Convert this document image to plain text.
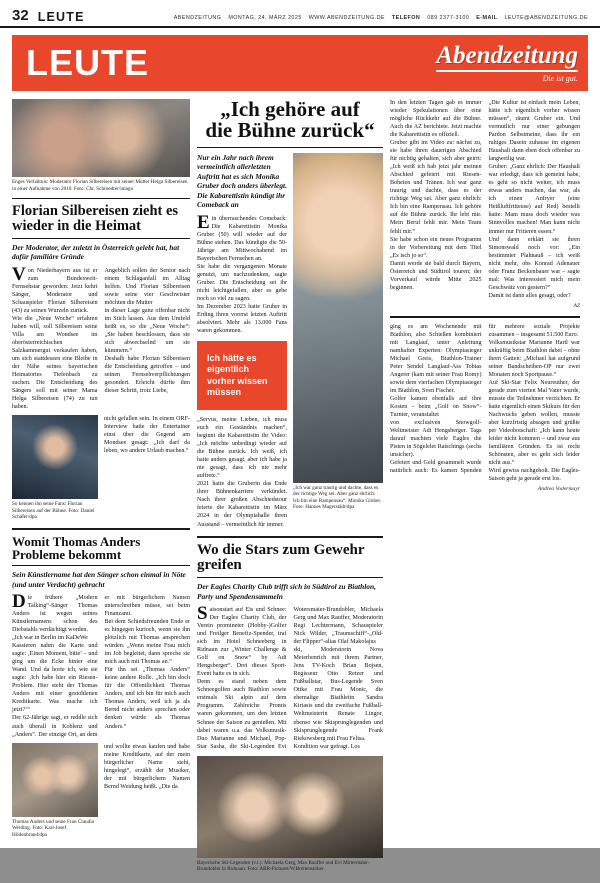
32 LEUTE	ABENDZEITUNG MONTAG, 24. MÄRZ 2025 WWW.ABENDZEITUNG.DE TELEFON 089 2377-3100 E-MAIL LEUTE@ABENDZEITUNG.DE
LEUTE	Abendzeitung
Die ist gut.
Enges Verhältnis: Moderator Florian Silbereisen mit seiner Mutter Helga Silbereisen in einer Aufnahme von 2010. Foto: Chr. Schroedter/imago
Florian Silbereisen zieht es wieder in die Heimat
Der Moderator, der zuletzt in Österreich gelebt hat, hat dafür familiäre Gründe

Von Niederbayern aus ist er zum Bundesweit-Fernsehstar geworden: Jetzt kehrt Sänger, Moderator und Schauspieler Florian Silbereisen (43) zu seinen Wurzeln zurück.

Wie die „Neue Woche“ erfahren haben will, soll Silbereisen seine Villa am Wondsee im oberösterreichischen Salzkammergut verkaufen haben, um sich stattdessen eine Bleibe in der Nähe seines bayerischen Heimatortes Tiefenbach zu suchen. Die Entscheidung des Sängers soll mit seiner Mama Helga Silbereisen (74) zu tun haben.

Angeblich sollen der Senior nach einem Schlaganfall im Alltag helfen. Und Florian Silbereisen sowie seine vier Geschwister möchten die Mutter

in dieser Lage ganz offenbar nicht im Stich lassen. Aus dem Umfeld heißt es, so die „Neue Woche“: „Sie haben beschlossen, dass sie sich abwechselnd um sie kümmern.“

Deshalb habe Florian Silbereisen die Entscheidung getroffen – und seinen Fernsehverpflichtungen gesondert. Erleicht dürfte ihm dieser Schritt, trotz Liebe,

So kennen ihn seine Fans: Florian Silbereisen auf der Bühne. Foto: Daniel Schäfer/dpa

nicht gefallen sein. In einem ORF-Interview hatte der Entertainer einst über die Gegend am Mondsee gesagt: „Ich darf da leben, wo andere Urlaub machen.“

Womit Thomas Anders Probleme bekommt
Sein Künstlername hat den Sänger schon einmal in Nöte (und unter Verdacht) gebracht

Die frühere „Modern Talking“-Sänger Thomas Anders ist wegen seines Künstlernamens schon des Diebstahls verdächtigt worden.

„Ich war in Berlin im KaDeWe

Kassieren nahm die Karte und sagte: ‚Einen Moment, bitte‘ – und ging um die Ecke hinter eine Wand. Und da horte ich, wie sie sagte: ‚Ich habe hier ein Riesen-Problem. Hier steht der Thomas Anders mit einer gestohlenen Kreditkarte. Was mache ich jetzt?‘“

Der 62-Jährige sagt, er reddle sich auch überall in Koblenz und „Anders“. Der einzige Ort, an dem er mit bürgerlichem Namen unterschreiben müsse, sei beim Finanzamt.

Bei dem Schiedsfreunden Ende er es hingegen kurioch, wenn sie ihn plötzlich mit Thomas ansprechen würden. „Wenn meine Frau mich im Job begleitet, dann spreche sie mich auch mit Thomas an.“

Für ihn sei „Thomas Anders“ keine andere Rolle. „Ich bin doch für die Offentlichkeit Thomas Anders, und ich bin für mich auch Thomas Anders, weil ich ja als Bernd nicht anders sprechen oder denken würde als Thomas Anders.“

Thomas Anders und seine Frau Claudia Werding. Foto: Karl-Josef Hildenbrand/dpa

und wollte etwas kaufen und habe meine Kreditkarte, auf der mein bürgerlicher Name steht, hingelegt“, erzählt der Musiker, der mit bürgerlichem Namen Bernd Weidung heißt. „Die da

„Ich gehöre auf
die Bühne zurück“
Nur ein Jahr nach ihrem vermeintlich allerletzten Auftritt hat es sich Monika Gruber doch anders überlegt. Die Kabarettistin kündigt ihr Comeback an

Ein überraschendes Comeback: Die Kabarettistin Monika Gruber (50) will wieder auf der Bühne stehen. Das kündigte die 50-Jährige am Mittwochabend im Bayerischen Fernsehen an.

Sie habe die vergangenen Monate genutzt, um nachzudenken, sagte Gruber. Die Entscheidung sei ihr nicht leichtgefallen, aber es gebe noch so viel zu sagen.

Im Dezember 2023 hatte Gruber in Erding ihren vorerst letzten Auftritt absolviert. Mehr als 13.000 Fans waren gekommen.

Ich hätte es eigentlich vorher wissen müssen

„Servus, meine Lieben, ich muss euch ein Geständnis machen“, beginnt die Kabarettistin ihr Video: „Ich möchte unbedingt wieder auf die Bühne zurück. Ich weiß, ich hatte anders gesagt, aber ich habe ja nie gesagt, dass ich nie mehr auftrete.“

2021 hatte die Gruberin das Ende ihrer Bühnenkarriere verkündet. Nach ihrer großen Abschiedstour feierte die Kabarettistin im März 2024 in der Olympiahalle ihren Ausstand – vermeintlich für immer.

„Ich war ganz traurig und dachte, dass es der richtige Weg sei. Aber ganz ehrlich: Ich bin eine Rampensau“: Monika Gruber. Foto: Hannes Magerstädt/dpa
Wo die Stars zum Gewehr greifen
Der Eagles Charity Club trifft sich in Südtirol zu Biathlon, Party und Spendensammeln

Saisonstart auf Eis und Schnee: Der Eagles Charity Club, der Verein promineter (Hobby-)Golfer und Freilger Benefiz-Spender, traf sich im Hotel Schneeberg in Ridnaun zur „Winter Challenge & Golf on Snow“ by Adi Hengsberger“. Drei dieses Sport-Event hatte es in sich.

Denn es stand neben dem Schneegolfen auch Biathlon sowie erstmals Ski alpin auf dem Programm. Zahlreiche Promis waren gekommen, um den letzten Schnee der Saison zu genießen. Mit dabei waren u.a. das Volksmusik-Duo Marianne und Michael, Pop-Star Sasha, die Ski-Legenden Evi Wotersmaier-Brundobler, Michaela Gerg und Max Rauffer, Moderatorin Regi Lechtermann, Schauspieler Nick Wilder, „Traumschiff“-„Old-der Flipper“-alias Olaf Makolajus

ski, Moderatorin Nova Meierhenrich mit ihrem Partner, Jens TV-Koch Brian Bojsen, Regisseur Otto Retzer und Fußballstar, Bus-Legende Sven Ottke mit Frau Monic, die ehemalige Biathletin Sandra Kiriasis und die zweifache Fußball-Weltmeisterin Renate Lingor, ebenso wie Skisprunglegenden und Skisprunglegende Frank Riekowsberg mit Frau Felisa.

Kondition war gefragt. Los

Bayerische Ski-Legenden (v.l.): Michaela Gerg, Max Rauffer und Evi Mittermaier-Brundobler in Ridnaun. Foto: ABR-Pictures/W.Breitenstoher

In den letzten Tagen gab es immer wieder Spekulationen über eine mögliche Rückkehr auf die Bühne. Auch die AZ berichtete. Jetzt machte die Kabarettistin es offiziell.

Gruber gibt im Video zu: nächst zu, sie habe ihren dauerigen Abschied für nichtig gehalten, sich aber geirrt: „Ich weiß ich hab jetzt jahr meinen Abschied gefeiert mit Riesen-Boheien und Tränen. Ich war ganz traurig und dachte, dass es der richtige Weg sei. Aber ganz ehrlich: Ich bin eine Rampensau. Ich gehöre auf die Bühne zurück. Ihr lebt mir. Mein Beruf fehlt mir. Mein Team fehlt mir.“

Sie habe schon ein neues Programm in der Vorbereitung mit dem Titel „Es isch jo so“.

Damit werde sie bald durch Bayern, Österreich und Südtirol touren; der Vorverkauf würde Mitte 2025 beginnen.

„Die Kultur ist einfach mein Leben, hätte ich eigentlich vorher wissen müssen“, räumt Gruber ein. Und vermutlich nur einer gebungen Pardon Selbstmeine, dass ihr ein ruhiges Dasein zuhause im eigenen Haushalt dann eben doch offenbar zu langweilig war.

Gruber: „Ganz ehrlich: Der Haushalt war erledigt, dass ich gemeint habe, es geht so nicht weiter, ich muss etwas anders machen, das war, als ich einen Anfryer (eine Heißluftfritteuse) auf Red) bestellt hatte: Mam muss doch wieder was Sinnvolles machen! Man kann nicht immer nur Fritieren essen.“

Und dann erklärt sie ihren Simonswald noch vor: „Ein bestimmter Plahnauß – ich weiß nicht mehr, obs Konrad Adenauer oder Franz Beckenbauer war – sagte mal: Was interessiert mich mein Geschwätz von gestern?“

Damit ist dann alles gesagt, oder?

AZ

ging es am Wochenende mit Biathlon, also Schießen kombiniert mit Langlauf, unter Anleitung namhafter Experten: Olympiasieger Michael Greis, Biathlon-Trainer Peter Sendel Langlauf-Ass Tobias Angerer (kam mit seiner Frau Romy) sowie dem vierfachen Olympiasieger im Biathlon, Sven Fischer.

Golfer kamen ebenfalls auf ihre Kosten – beim „Golf on Snow“-Turnier, veranstaltet

von exclusiven Snowgolf-Weltmeister Adi Hengsberger. Tags darauf machten viele Eagles die Pisten in Sögelelet Ratschings (sechs unsicher).

Gefeiert und Geld gesammelt wurde natürlich auch: Es kamen Spenden für mehrere soziale Projekte zusammen – insgesamt 51.500 Euro.

Volksmusikstar Marianne Hartl war unkräftig beim Biathlon dabei – ohne ihren Gatten: „Michael hat aufgrund seiner Bandscheiben-OP nur zwei Monaten noch Sportpause.“

Auf Ski-Star Felix Neureuther, der gerade zum vierten Mal Vater wurde, musste die Teilnehmer verzichten. Er hatte eigentlich einen Skikurs für den Nachwuchs geben wollen, musste aber kurzfristig absagen und grüßte per Videobotschaft: „Ich kann heute leider nicht kommen – und zwar aus familiären Gründen. Es ist recht Schönsten, aber es geht sich leider nicht aus.“

Wird gewiss nachgeholt. Die Eagles-Saison geht ja gerade erst los.

Andrea Vodermayr
